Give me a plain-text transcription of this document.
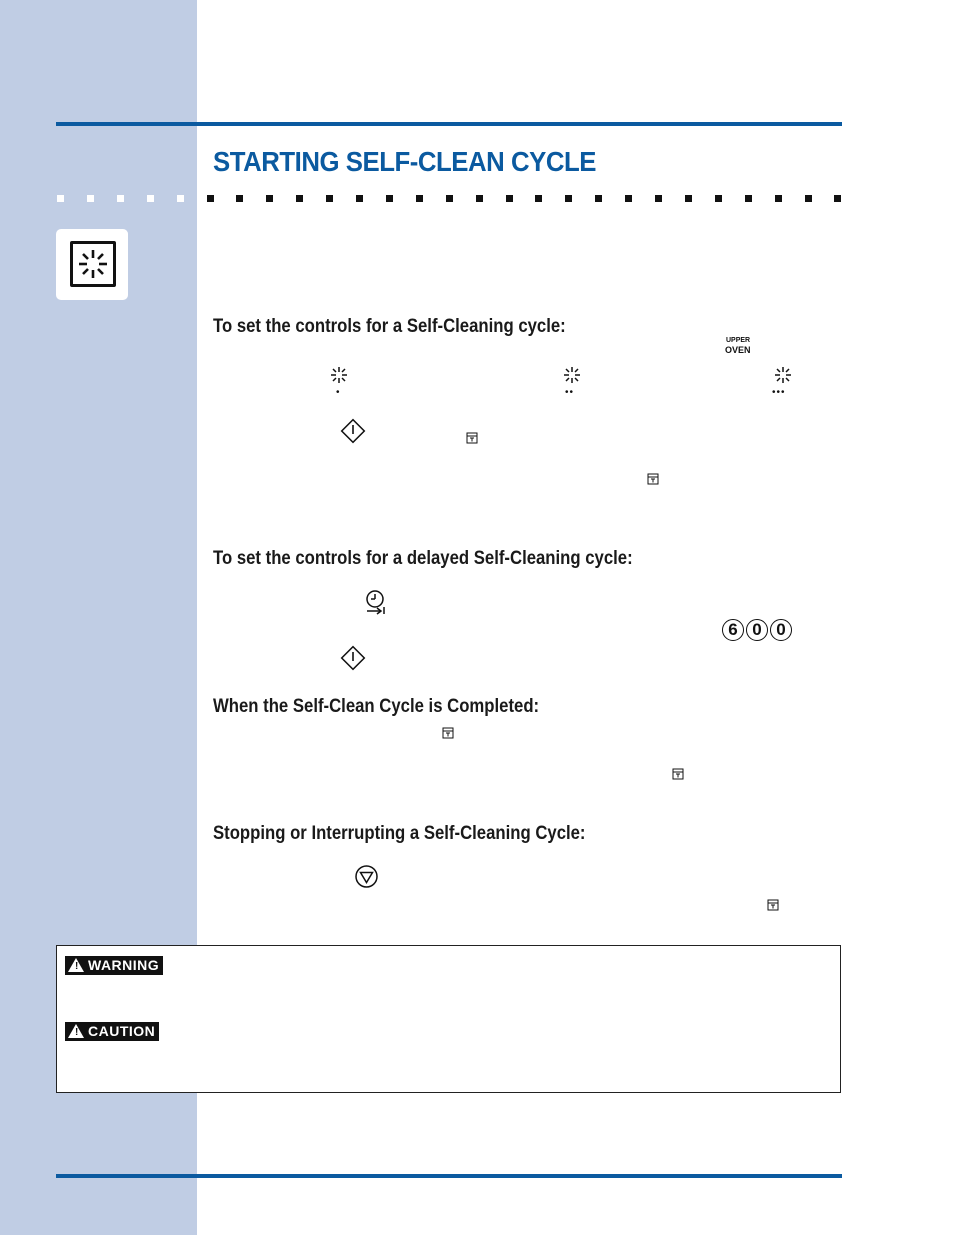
STARTING SELF-CLEAN CYCLE
To set the controls for a Self-Cleaning cycle:
UPPER
OVEN
•	••	•••
To set the controls for a delayed Self-Cleaning cycle:
6 0 0
When the Self-Clean Cycle is Completed:
Stopping or Interrupting a Self-Cleaning Cycle:
! WARNING
! CAUTION
